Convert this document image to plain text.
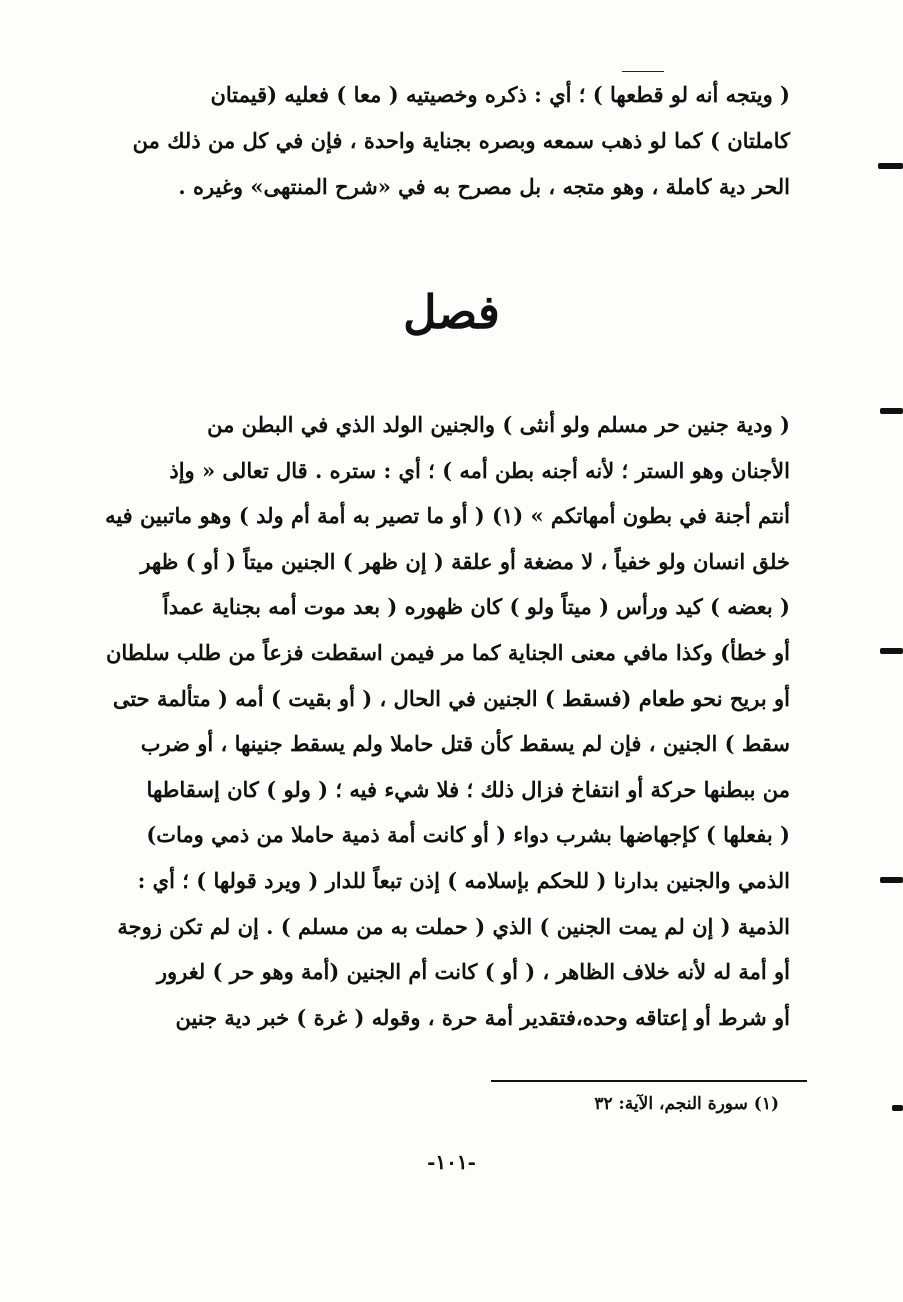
( ويتجه أنه لو قطعها ) ؛ أي : ذكره وخصيتيه ( معا ) فعليه (قيمتان
كاملتان ) كما لو ذهب سمعه وبصره بجناية واحدة ، فإن في كل من ذلك من
الحر دية كاملة ، وهو متجه ، بل مصرح به في «شرح المنتهى» وغيره .
فصل
( ودية جنين حر مسلم ولو أنثى ) والجنين الولد الذي في البطن من
الأجنان وهو الستر ؛ لأنه أجنه بطن أمه ) ؛ أي : ستره . قال تعالى « وإذ
أنتم أجنة في بطون أمهاتكم » (١) ( أو ما تصير به أمة أم ولد ) وهو ماتبين فيه
خلق انسان ولو خفياً ، لا مضغة أو علقة ( إن ظهر ) الجنين ميتاً ( أو ) ظهر
( بعضه ) كيد ورأس ( ميتاً ولو ) كان ظهوره ( بعد موت أمه بجناية عمداً
أو خطأ) وكذا مافي معنى الجناية كما مر فيمن اسقطت فزعاً من طلب سلطان
أو بريح نحو طعام (فسقط ) الجنين في الحال ، ( أو بقيت ) أمه ( متألمة حتى
سقط ) الجنين ، فإن لم يسقط كأن قتل حاملا ولم يسقط جنينها ، أو ضرب
من ببطنها حركة أو انتفاخ فزال ذلك ؛ فلا شيء فيه ؛ ( ولو ) كان إسقاطها
( بفعلها ) كإجهاضها بشرب دواء ( أو كانت أمة ذمية حاملا من ذمي ومات)
الذمي والجنين بدارنا ( للحكم بإسلامه ) إذن تبعاً للدار ( ويرد قولها ) ؛ أي :
الذمية ( إن لم يمت الجنين ) الذي ( حملت به من مسلم ) . إن لم تكن زوجة
أو أمة له لأنه خلاف الظاهر ، ( أو ) كانت أم الجنين (أمة وهو حر ) لغرور
أو شرط أو إعتاقه وحده،فتقدير أمة حرة ، وقوله ( غرة ) خبر دية جنين
(١) سورة النجم، الآية: ٣٢
-١٠١-
